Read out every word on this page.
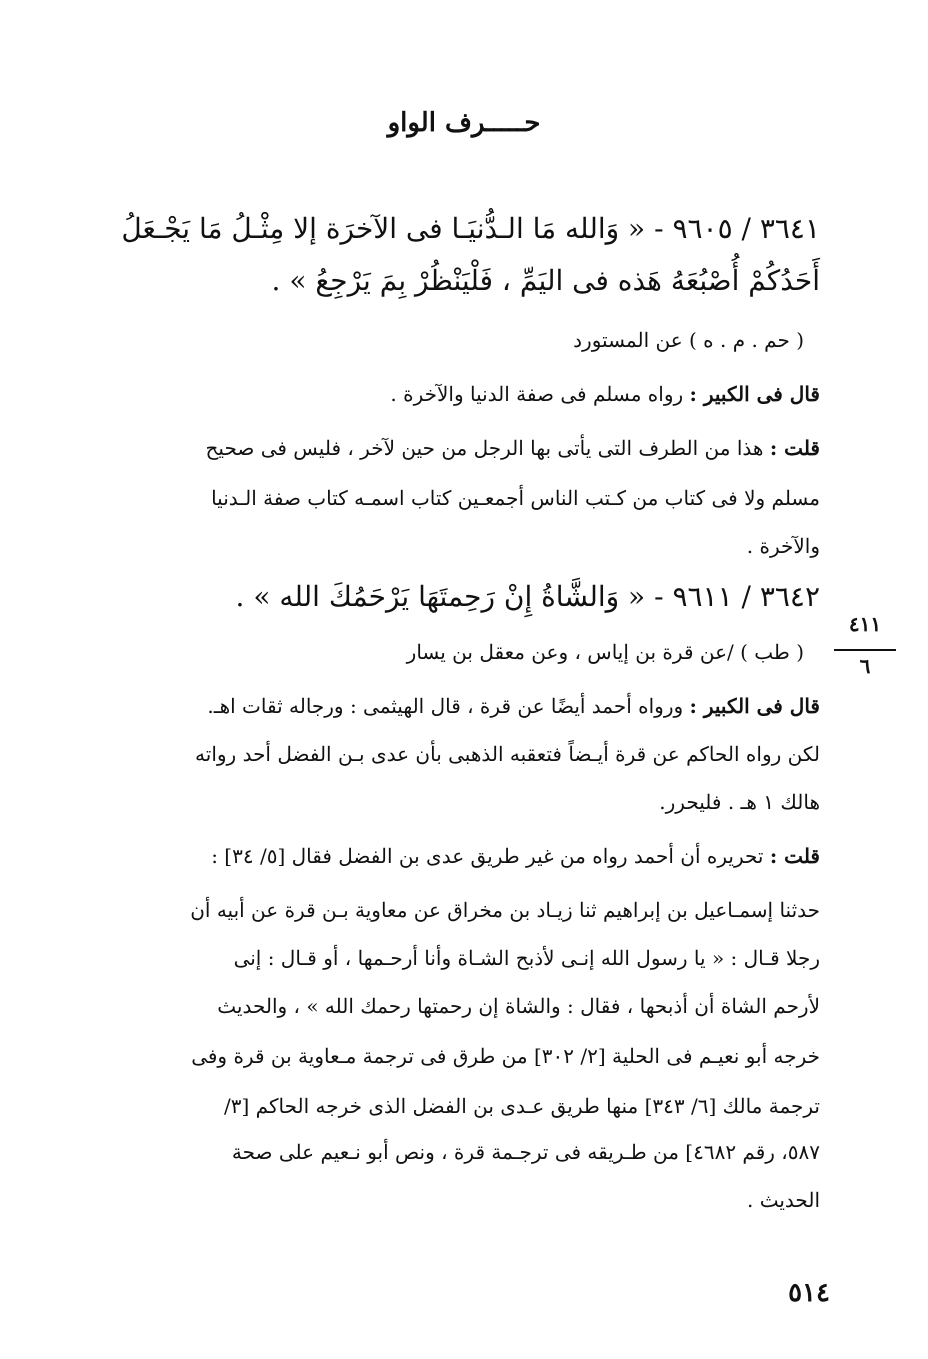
حـــــرف الواو
٣٦٤١ / ٩٦٠٥ - « وَالله مَا الـدُّنيَـا فى الآخرَة إلا مِثْـلُ مَا يَجْـعَلُ
أَحَدُكُمْ أُصْبُعَهُ هَذه فى اليَمِّ ، فَلْيَنْظُرْ بِمَ يَرْجِعُ » .
( حم . م . ه ) عن المستورد
قال فى الكبير : رواه مسلم فى صفة الدنيا والآخرة .
قلت : هذا من الطرف التى يأتى بها الرجل من حين لآخر ، فليس فى صحيح
مسلم ولا فى كتاب من كـتب الناس أجمعـين كتاب اسمـه كتاب صفة الـدنيا
والآخرة .
٣٦٤٢ / ٩٦١١ - « وَالشَّاةُ إِنْ رَحِمتَهَا يَرْحَمُكَ الله » .
( طب ) /عن قرة بن إياس ، وعن معقل بن يسار
قال فى الكبير : ورواه أحمد أيضًا عن قرة ، قال الهيثمى : ورجاله ثقات اهـ.
لكن رواه الحاكم عن قرة أيـضاً فتعقبه الذهبى بأن عدى بـن الفضل أحد رواته
هالك ١ هـ . فليحرر.
قلت : تحريره أن أحمد رواه من غير طريق عدى بن الفضل فقال [٥/ ٣٤] :
حدثنا إسمـاعيل بن إبراهيم ثنا زيـاد بن مخراق عن معاوية بـن قرة عن أبيه أن
رجلا قـال : « يا رسول الله إنـى لأذبح الشـاة وأنا أرحـمها ، أو قـال : إنى
لأرحم الشاة أن أذبحها ، فقال : والشاة إن رحمتها رحمك الله » ، والحديث
خرجه أبو نعيـم فى الحلية [٢/ ٣٠٢] من طرق فى ترجمة مـعاوية بن قرة وفى
ترجمة مالك [٦/ ٣٤٣] منها طريق عـدى بن الفضل الذى خرجه الحاكم [٣/
٥٨٧، رقم ٤٦٨٢] من طـريقه فى ترجـمة قرة ، ونص أبو نـعيم على صحة
الحديث .
٤١١
٦
٥١٤
